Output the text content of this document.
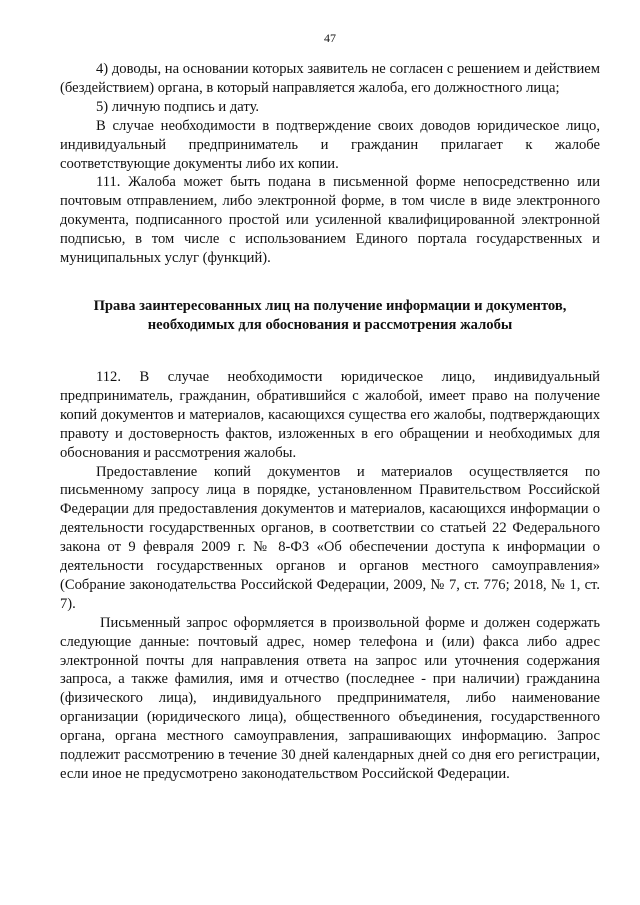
47

4) доводы, на основании которых заявитель не согласен с решением и действием (бездействием) органа, в который направляется жалоба, его должностного лица;

5) личную подпись и дату.

В случае необходимости в подтверждение своих доводов юридическое лицо, индивидуальный предприниматель и гражданин прилагает к жалобе соответствующие документы либо их копии.

111. Жалоба может быть подана в письменной форме непосредственно или почтовым отправлением, либо электронной форме, в том числе в виде электронного документа, подписанного простой или усиленной квалифицированной электронной подписью, в том числе с использованием Единого портала государственных и муниципальных услуг (функций).

Права заинтересованных лиц на получение информации и документов,
необходимых для обоснования и рассмотрения жалобы

112. В случае необходимости юридическое лицо, индивидуальный предприниматель, гражданин, обратившийся с жалобой, имеет право на получение копий документов и материалов, касающихся существа его жалобы, подтверждающих правоту и достоверность фактов, изложенных в его обращении и необходимых для обоснования и рассмотрения жалобы.

Предоставление копий документов и материалов осуществляется по письменному запросу лица в порядке, установленном Правительством Российской Федерации для предоставления документов и материалов, касающихся информации о деятельности государственных органов, в соответствии со статьей 22 Федерального закона от 9 февраля 2009 г. № 8-ФЗ «Об обеспечении доступа к информации о деятельности государственных органов и органов местного самоуправления» (Собрание законодательства Российской Федерации, 2009, № 7, ст. 776; 2018, № 1, ст. 7).

Письменный запрос оформляется в произвольной форме и должен содержать следующие данные: почтовый адрес, номер телефона и (или) факса либо адрес электронной почты для направления ответа на запрос или уточнения содержания запроса, а также фамилия, имя и отчество (последнее - при наличии) гражданина (физического лица), индивидуального предпринимателя, либо наименование организации (юридического лица), общественного объединения, государственного органа, органа местного самоуправления, запрашивающих информацию. Запрос подлежит рассмотрению в течение 30 дней календарных дней со дня его регистрации, если иное не предусмотрено законодательством Российской Федерации.
